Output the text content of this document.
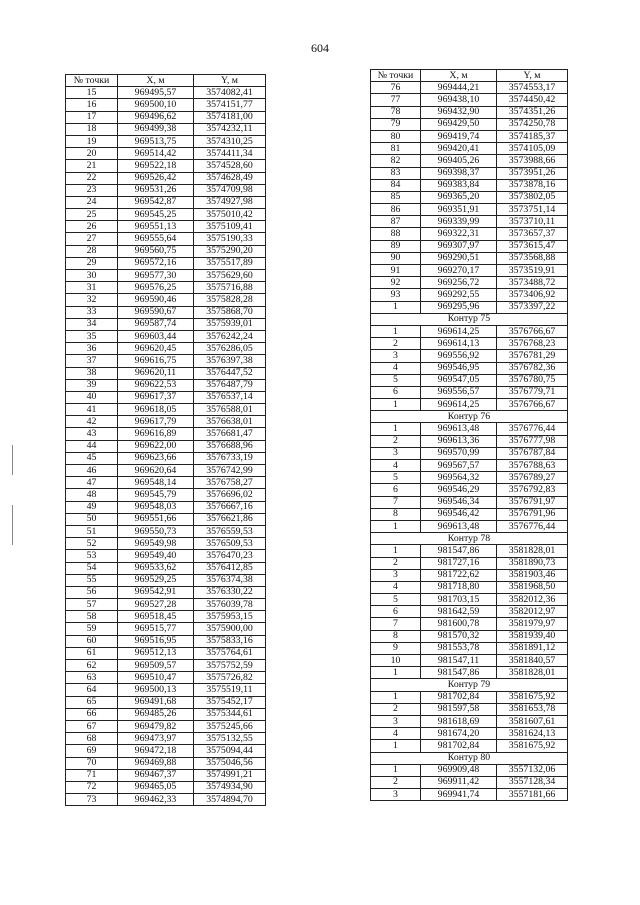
604
№ точки	X, м	Y, м
15	969495,57	3574082,41
16	969500,10	3574151,77
17	969496,62	3574181,00
18	969499,38	3574232,11
19	969513,75	3574310,25
20	969514,42	3574411,34
21	969522,18	3574528,60
22	969526,42	3574628,49
23	969531,26	3574709,98
24	969542,87	3574927,98
25	969545,25	3575010,42
26	969551,13	3575109,41
27	969555,64	3575190,33
28	969560,75	3575290,20
29	969572,16	3575517,89
30	969577,30	3575629,60
31	969576,25	3575716,88
32	969590,46	3575828,28
33	969590,67	3575868,70
34	969587,74	3575939,01
35	969603,44	3576242,24
36	969620,45	3576286,05
37	969616,75	3576397,38
38	969620,11	3576447,52
39	969622,53	3576487,79
40	969617,37	3576537,14
41	969618,05	3576588,01
42	969617,79	3576638,01
43	969616,89	3576681,47
44	969622,00	3576688,96
45	969623,66	3576733,19
46	969620,64	3576742,99
47	969548,14	3576758,27
48	969545,79	3576696,02
49	969548,03	3576667,16
50	969551,66	3576621,86
51	969550,73	3576559,53
52	969549,98	3576509,53
53	969549,40	3576470,23
54	969533,62	3576412,85
55	969529,25	3576374,38
56	969542,91	3576330,22
57	969527,28	3576039,78
58	969518,45	3575953,15
59	969515,77	3575900,00
60	969516,95	3575833,16
61	969512,13	3575764,61
62	969509,57	3575752,59
63	969510,47	3575726,82
64	969500,13	3575519,11
65	969491,68	3575452,17
66	969485,26	3575344,61
67	969479,82	3575245,66
68	969473,97	3575132,55
69	969472,18	3575094,44
70	969469,88	3575046,56
71	969467,37	3574991,21
72	969465,05	3574934,90
73	969462,33	3574894,70
№ точки	X, м	Y, м
76	969444,21	3574553,17
77	969438,10	3574450,42
78	969432,90	3574351,26
79	969429,50	3574250,78
80	969419,74	3574185,37
81	969420,41	3574105,09
82	969405,26	3573988,66
83	969398,37	3573951,26
84	969383,84	3573878,16
85	969365,20	3573802,05
86	969351,91	3573751,14
87	969339,99	3573710,11
88	969322,31	3573657,37
89	969307,97	3573615,47
90	969290,51	3573568,88
91	969270,17	3573519,91
92	969256,72	3573488,72
93	969292,55	3573406,92
1	969295,96	3573397,22
Контур 75		
1	969614,25	3576766,67
2	969614,13	3576768,23
3	969556,92	3576781,29
4	969546,95	3576782,36
5	969547,05	3576780,75
6	969556,57	3576779,71
1	969614,25	3576766,67
Контур 76		
1	969613,48	3576776,44
2	969613,36	3576777,98
3	969570,99	3576787,84
4	969567,57	3576788,63
5	969564,32	3576789,27
6	969546,29	3576792,83
7	969546,34	3576791,97
8	969546,42	3576791,96
1	969613,48	3576776,44
Контур 78		
1	981547,86	3581828,01
2	981727,16	3581890,73
3	981722,62	3581903,46
4	981718,80	3581968,50
5	981703,15	3582012,36
6	981642,59	3582012,97
7	981600,78	3581979,97
8	981570,32	3581939,40
9	981553,78	3581891,12
10	981547,11	3581840,57
1	981547,86	3581828,01
Контур 79		
1	981702,84	3581675,92
2	981597,58	3581653,78
3	981618,69	3581607,61
4	981674,20	3581624,13
1	981702,84	3581675,92
Контур 80		
1	969909,48	3557132,06
2	969911,42	3557128,34
3	969941,74	3557181,66
